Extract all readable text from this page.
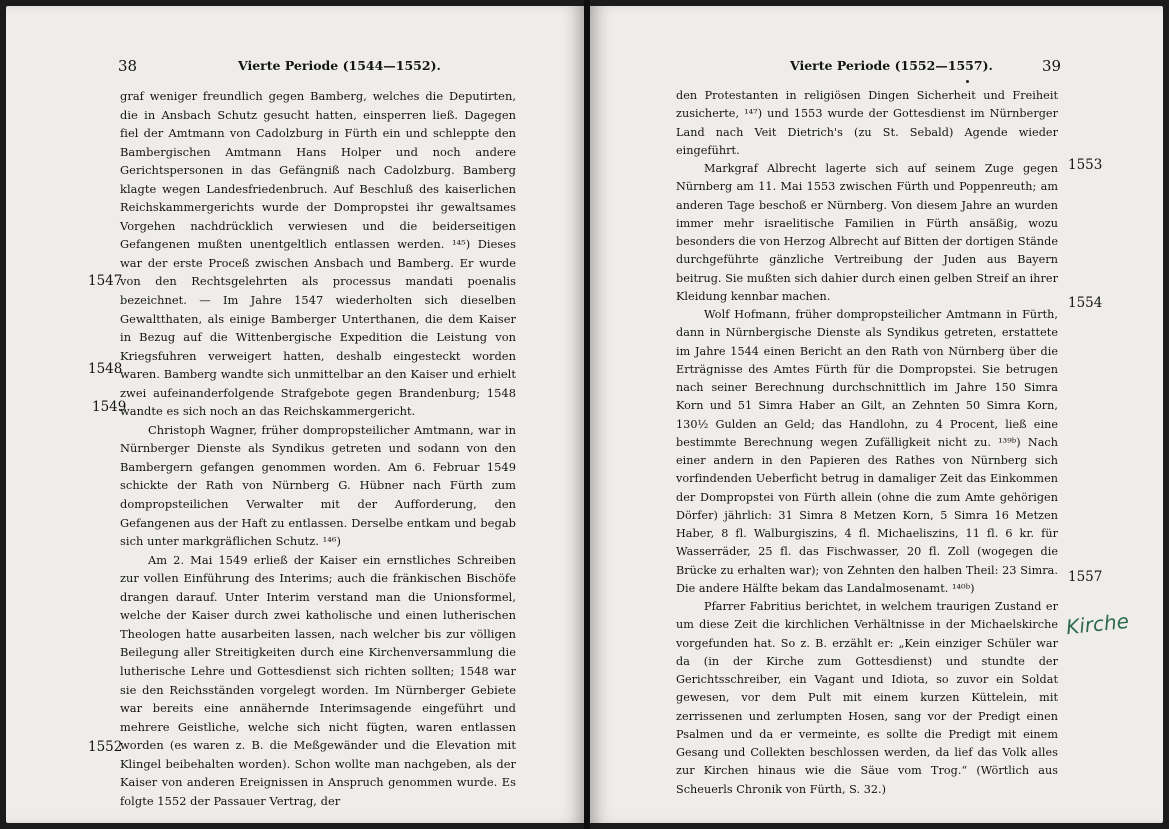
38	Vierte Periode (1544—1552).
1547
1548
1549
1552

graf weniger freundlich gegen Bamberg, welches die Deputirten, die in Ansbach Schutz gesucht hatten, einsperren ließ. Dagegen fiel der Amtmann von Cadolzburg in Fürth ein und schleppte den Bambergischen Amtmann Hans Holper und noch andere Gerichtspersonen in das Gefängniß nach Cadolzburg. Bamberg klagte wegen Landesfriedenbruch. Auf Beschluß des kaiserlichen Reichskammergerichts wurde der Dompropstei ihr gewaltsames Vorgehen nachdrücklich verwiesen und die beiderseitigen Gefangenen mußten unentgeltlich entlassen werden. ¹⁴⁵) Dieses war der erste Proceß zwischen Ansbach und Bamberg. Er wurde von den Rechtsgelehrten als processus mandati poenalis bezeichnet. — Im Jahre 1547 wiederholten sich dieselben Gewaltthaten, als einige Bamberger Unterthanen, die dem Kaiser in Bezug auf die Wittenbergische Expedition die Leistung von Kriegsfuhren verweigert hatten, deshalb eingesteckt worden waren. Bamberg wandte sich unmittelbar an den Kaiser und erhielt zwei aufeinanderfolgende Strafgebote gegen Brandenburg; 1548 wandte es sich noch an das Reichskammergericht.

Christoph Wagner, früher dompropsteilicher Amtmann, war in Nürnberger Dienste als Syndikus getreten und sodann von den Bambergern gefangen genommen worden. Am 6. Februar 1549 schickte der Rath von Nürnberg G. Hübner nach Fürth zum dompropsteilichen Verwalter mit der Aufforderung, den Gefangenen aus der Haft zu entlassen. Derselbe entkam und begab sich unter markgräflichen Schutz. ¹⁴⁶)

Am 2. Mai 1549 erließ der Kaiser ein ernstliches Schreiben zur vollen Einführung des Interims; auch die fränkischen Bischöfe drangen darauf. Unter Interim verstand man die Unionsformel, welche der Kaiser durch zwei katholische und einen lutherischen Theologen hatte ausarbeiten lassen, nach welcher bis zur völligen Beilegung aller Streitigkeiten durch eine Kirchenversammlung die lutherische Lehre und Gottesdienst sich richten sollten; 1548 war sie den Reichsständen vorgelegt worden. Im Nürnberger Gebiete war bereits eine annähernde Interimsagende eingeführt und mehrere Geistliche, welche sich nicht fügten, waren entlassen worden (es waren z. B. die Meßgewänder und die Elevation mit Klingel beibehalten worden). Schon wollte man nachgeben, als der Kaiser von anderen Ereignissen in Anspruch genommen wurde. Es folgte 1552 der Passauer Vertrag, der

Vierte Periode (1552—1557).	39
1553
1554
1557
Kirche

den Protestanten in religiösen Dingen Sicherheit und Freiheit zusicherte, ¹⁴⁷) und 1553 wurde der Gottesdienst im Nürnberger Land nach Veit Dietrich's (zu St. Sebald) Agende wieder eingeführt.

Markgraf Albrecht lagerte sich auf seinem Zuge gegen Nürnberg am 11. Mai 1553 zwischen Fürth und Poppenreuth; am anderen Tage beschoß er Nürnberg. Von diesem Jahre an wurden immer mehr israelitische Familien in Fürth ansäßig, wozu besonders die von Herzog Albrecht auf Bitten der dortigen Stände durchgeführte gänzliche Vertreibung der Juden aus Bayern beitrug. Sie mußten sich dahier durch einen gelben Streif an ihrer Kleidung kennbar machen.

Wolf Hofmann, früher dompropsteilicher Amtmann in Fürth, dann in Nürnbergische Dienste als Syndikus getreten, erstattete im Jahre 1544 einen Bericht an den Rath von Nürnberg über die Erträgnisse des Amtes Fürth für die Dompropstei. Sie betrugen nach seiner Berechnung durchschnittlich im Jahre 150 Simra Korn und 51 Simra Haber an Gilt, an Zehnten 50 Simra Korn, 130½ Gulden an Geld; das Handlohn, zu 4 Procent, ließ eine bestimmte Berechnung wegen Zufälligkeit nicht zu. ¹³⁹ᵇ) Nach einer andern in den Papieren des Rathes von Nürnberg sich vorfindenden Ueberficht betrug in damaliger Zeit das Einkommen der Dompropstei von Fürth allein (ohne die zum Amte gehörigen Dörfer) jährlich: 31 Simra 8 Metzen Korn, 5 Simra 16 Metzen Haber, 8 fl. Walburgiszins, 4 fl. Michaeliszins, 11 fl. 6 kr. für Wasserräder, 25 fl. das Fischwasser, 20 fl. Zoll (wogegen die Brücke zu erhalten war); von Zehnten den halben Theil: 23 Simra. Die andere Hälfte bekam das Landalmosenamt. ¹⁴⁰ᵇ)

Pfarrer Fabritius berichtet, in welchem traurigen Zustand er um diese Zeit die kirchlichen Verhältnisse in der Michaelskirche vorgefunden hat. So z. B. erzählt er: „Kein einziger Schüler war da (in der Kirche zum Gottesdienst) und stundte der Gerichtsschreiber, ein Vagant und Idiota, so zuvor ein Soldat gewesen, vor dem Pult mit einem kurzen Küttelein, mit zerrissenen und zerlumpten Hosen, sang vor der Predigt einen Psalmen und da er vermeinte, es sollte die Predigt mit einem Gesang und Collekten beschlossen werden, da lief das Volk alles zur Kirchen hinaus wie die Säue vom Trog.“ (Wörtlich aus Scheuerls Chronik von Fürth, S. 32.)
